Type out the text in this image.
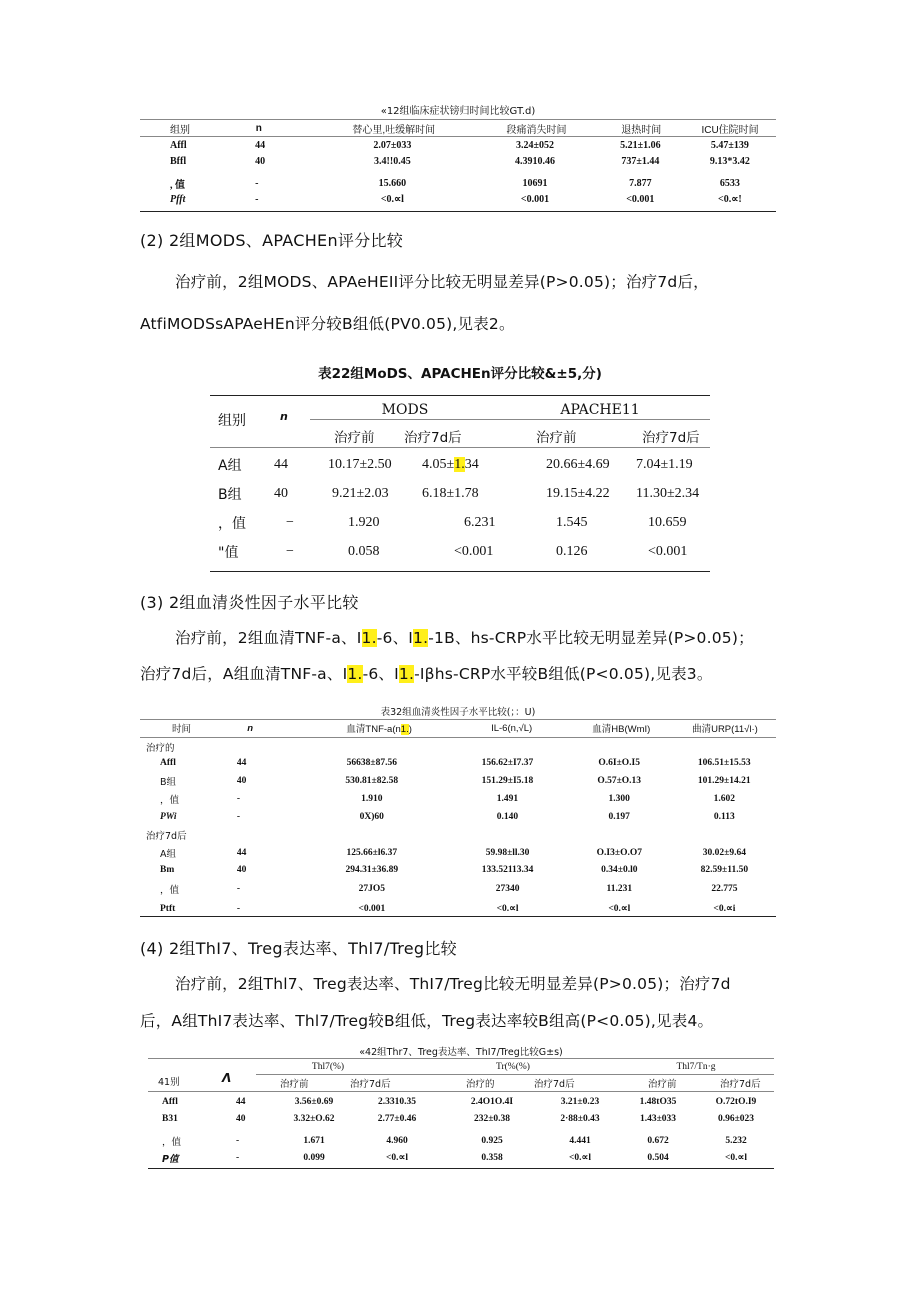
«12组临床症状镑归时间比较GT.d)
组别	n	替心里,吐缓解时间	段痛消失时间	退热时间	ICU住院时间
Affl	44	2.07±033	3.24±052	5.21±1.06	5.47±139
Bffl	40	3.4!!0.45	4.3910.46	737±1.44	9.13*3.42
, 值	-	15.660	10691	7.877	6533
Pfft	-	<0.∝l	<0.001	<0.001	<0.∝!
(2) 2组MODS、APACHEn评分比较
治疗前，2组MODS、APAeHEII评分比较无明显差异(P>0.05)；治疗7d后，
AtfiMODSsAPAeHEn评分较B组低(PV0.05),见表2。
表22组MoDS、APACHEn评分比较&±5,分)
组别	n	MODS	APACHE11
治疗前 治疗7d后	治疗前	治疗7d后
A组	44	10.17±2.50	4.05±1.34	20.66±4.69	7.04±1.19
B组	40	9.21±2.03	6.18±1.78	19.15±4.22	11.30±2.34
，值	−	1.920	6.231	1.545	10.659
"值	−	0.058	<0.001	0.126	<0.001
(3) 2组血清炎性因子水平比较
治疗前，2组血清TNF-a、I1.-6、I1.-1B、hs-CRP水平比较无明显差异(P>0.05)；
治疗7d后，A组血清TNF-a、I1.-6、I1.-Iβhs-CRP水平较B组低(P<0.05),见表3。
表32组血清炎性因子水平比较(；：U)
时间	n	血清TNF-a(n1.)	IL-6(n,√L)	血清HB(WmI)	曲清URP(11√l·)
治疗的
Affl	44	56638±87.56	156.62±I7.37	O.6I±O.I5	106.51±15.53
B组	40	530.81±82.58	151.29±I5.18	O.57±O.13	101.29±14.21
，值	-	1.910	1.491	1.300	1.602
PWi	-	0X)60	0.140	0.197	0.113
治疗7d后
A组	44	125.66±l6.37	59.98±ll.30	O.I3±O.O7	30.02±9.64
Bm	40	294.31±36.89	133.52113.34	0.34±0.l0	82.59±11.50
，值	-	27JO5	27340	11.231	22.775
Ptft	-	<0.001	<0.∝l	<0.∝l	<0.∝i
(4) 2组ThI7、Treg表达率、Thl7/Treg比较
治疗前，2组Thl7、Treg表达率、ThI7/Treg比较无明显差异(P>0.05)；治疗7d
后，A组ThI7表达率、Thl7/Treg较B组低，Treg表达率较B组高(P<0.05),见表4。
«42组Thr7、Treg表达率、ThI7/Treg比较G±s)
41别	Λ
Thl7(%)	Tr(%(%)	Thl7/Tn·g
治疗前	治疗7d后	治疗的	治疗7d后	治疗前	治疗7d后
Affl	44	3.56±0.69	2.3310.35	2.4O1O.4I	3.21±0.23	1.48tO35	O.72tO.I9
B31	40	3.32±O.62	2.77±0.46	232±0.38	2·88±0.43	1.43±033	0.96±023
，值	-	1.671	4.960	0.925	4.441	0.672	5.232
P值	-	0.099	<0.∝l	0.358	<0.∝l	0.504	<0.∝l
